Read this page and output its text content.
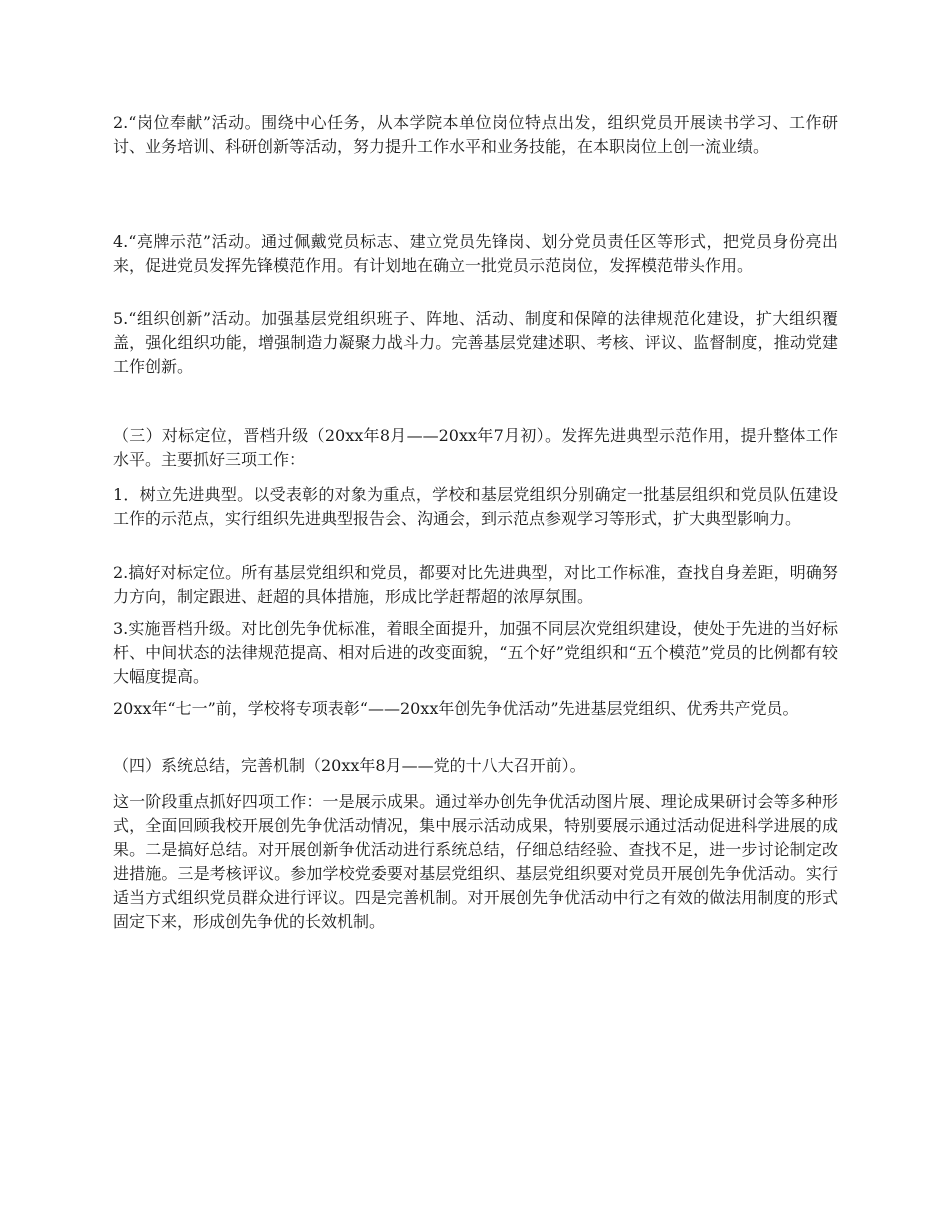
2.“岗位奉献”活动。围绕中心任务，从本学院本单位岗位特点出发，组织党员开展读书学习、工作研讨、业务培训、科研创新等活动，努力提升工作水平和业务技能，在本职岗位上创一流业绩。

4.“亮牌示范”活动。通过佩戴党员标志、建立党员先锋岗、划分党员责任区等形式，把党员身份亮出来，促进党员发挥先锋模范作用。有计划地在确立一批党员示范岗位，发挥模范带头作用。

5.“组织创新”活动。加强基层党组织班子、阵地、活动、制度和保障的法律规范化建设，扩大组织覆盖，强化组织功能，增强制造力凝聚力战斗力。完善基层党建述职、考核、评议、监督制度，推动党建工作创新。

（三）对标定位，晋档升级（20xx年8月——20xx年7月初）。发挥先进典型示范作用，提升整体工作水平。主要抓好三项工作：

1．树立先进典型。以受表彰的对象为重点，学校和基层党组织分别确定一批基层组织和党员队伍建设工作的示范点，实行组织先进典型报告会、沟通会，到示范点参观学习等形式，扩大典型影响力。

2.搞好对标定位。所有基层党组织和党员，都要对比先进典型，对比工作标准，查找自身差距，明确努力方向，制定跟进、赶超的具体措施，形成比学赶帮超的浓厚氛围。

3.实施晋档升级。对比创先争优标准，着眼全面提升，加强不同层次党组织建设，使处于先进的当好标杆、中间状态的法律规范提高、相对后进的改变面貌，“五个好”党组织和“五个模范”党员的比例都有较大幅度提高。

20xx年“七一”前，学校将专项表彰“——20xx年创先争优活动”先进基层党组织、优秀共产党员。

（四）系统总结，完善机制（20xx年8月——党的十八大召开前）。

这一阶段重点抓好四项工作：一是展示成果。通过举办创先争优活动图片展、理论成果研讨会等多种形式，全面回顾我校开展创先争优活动情况，集中展示活动成果，特别要展示通过活动促进科学进展的成果。二是搞好总结。对开展创新争优活动进行系统总结，仔细总结经验、查找不足，进一步讨论制定改进措施。三是考核评议。参加学校党委要对基层党组织、基层党组织要对党员开展创先争优活动。实行适当方式组织党员群众进行评议。四是完善机制。对开展创先争优活动中行之有效的做法用制度的形式固定下来，形成创先争优的长效机制。
